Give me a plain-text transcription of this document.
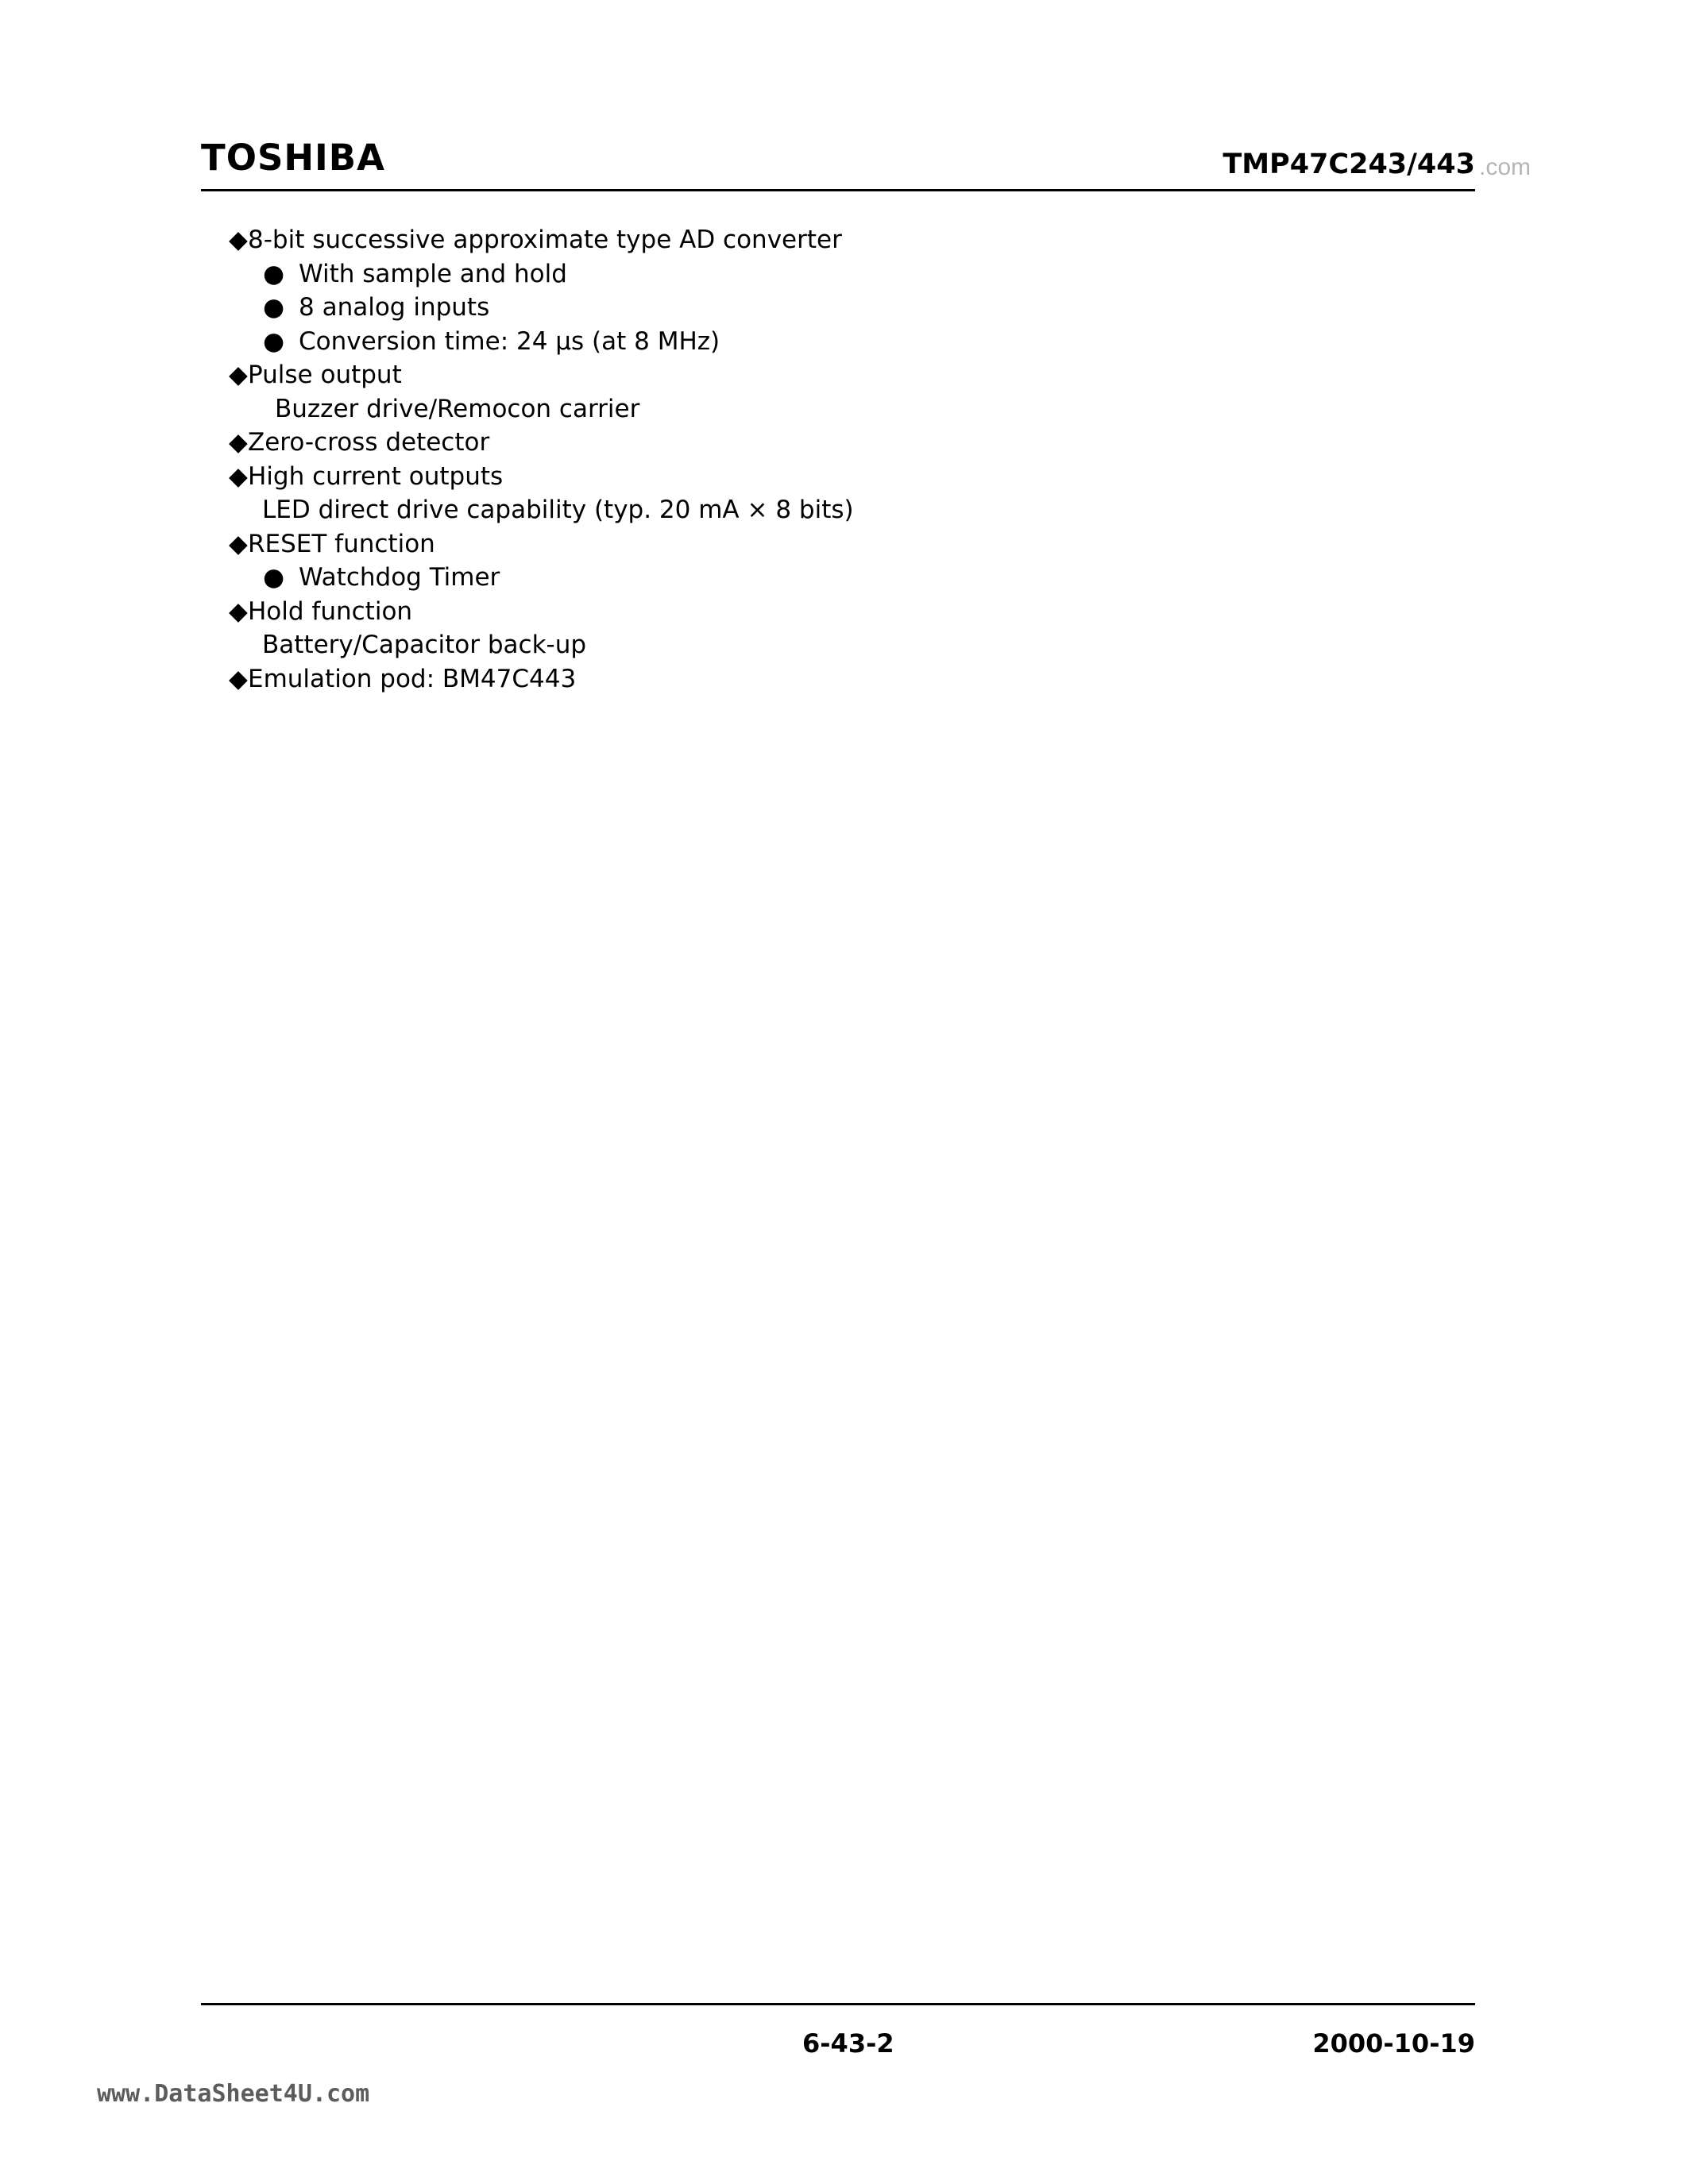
TOSHIBA	TMP47C243/443 .com
◆8-bit successive approximate type AD converter
● With sample and hold
● 8 analog inputs
● Conversion time: 24 μs (at 8 MHz)
◆Pulse output
Buzzer drive/Remocon carrier
◆Zero-cross detector
◆High current outputs
LED direct drive capability (typ. 20 mA × 8 bits)
◆RESET function
● Watchdog Timer
◆Hold function
Battery/Capacitor back-up
◆Emulation pod: BM47C443
6-43-2	2000-10-19
www.DataSheet4U.com
